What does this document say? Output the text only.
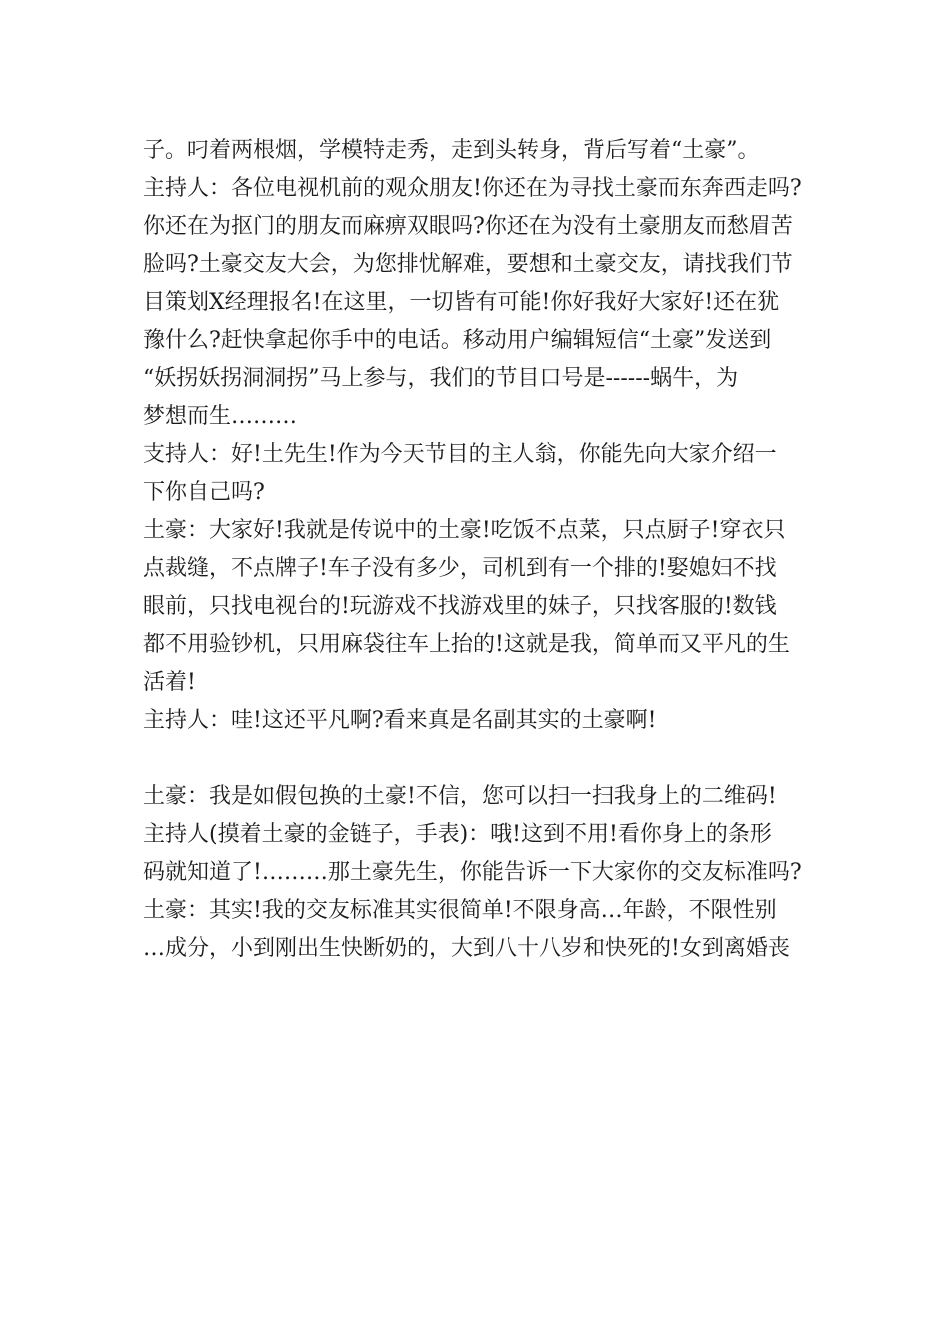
子。叼着两根烟，学模特走秀，走到头转身，背后写着“土豪”。
主持人：各位电视机前的观众朋友!你还在为寻找土豪而东奔西走吗?
你还在为抠门的朋友而麻痹双眼吗?你还在为没有土豪朋友而愁眉苦
脸吗?土豪交友大会，为您排忧解难，要想和土豪交友，请找我们节
目策划X经理报名!在这里，一切皆有可能!你好我好大家好!还在犹
豫什么?赶快拿起你手中的电话。移动用户编辑短信“土豪”发送到
“妖拐妖拐洞洞拐”马上参与，我们的节目口号是------蜗牛，为
梦想而生………
支持人：好!土先生!作为今天节目的主人翁，你能先向大家介绍一
下你自己吗?
土豪：大家好!我就是传说中的土豪!吃饭不点菜，只点厨子!穿衣只
点裁缝，不点牌子!车子没有多少，司机到有一个排的!娶媳妇不找
眼前，只找电视台的!玩游戏不找游戏里的妹子，只找客服的!数钱
都不用验钞机，只用麻袋往车上抬的!这就是我，简单而又平凡的生
活着!
主持人：哇!这还平凡啊?看来真是名副其实的土豪啊!
土豪：我是如假包换的土豪!不信，您可以扫一扫我身上的二维码!
主持人(摸着土豪的金链子，手表)：哦!这到不用!看你身上的条形
码就知道了!………那土豪先生，你能告诉一下大家你的交友标准吗?
土豪：其实!我的交友标准其实很简单!不限身高…年龄，不限性别
…成分，小到刚出生快断奶的，大到八十八岁和快死的!女到离婚丧
